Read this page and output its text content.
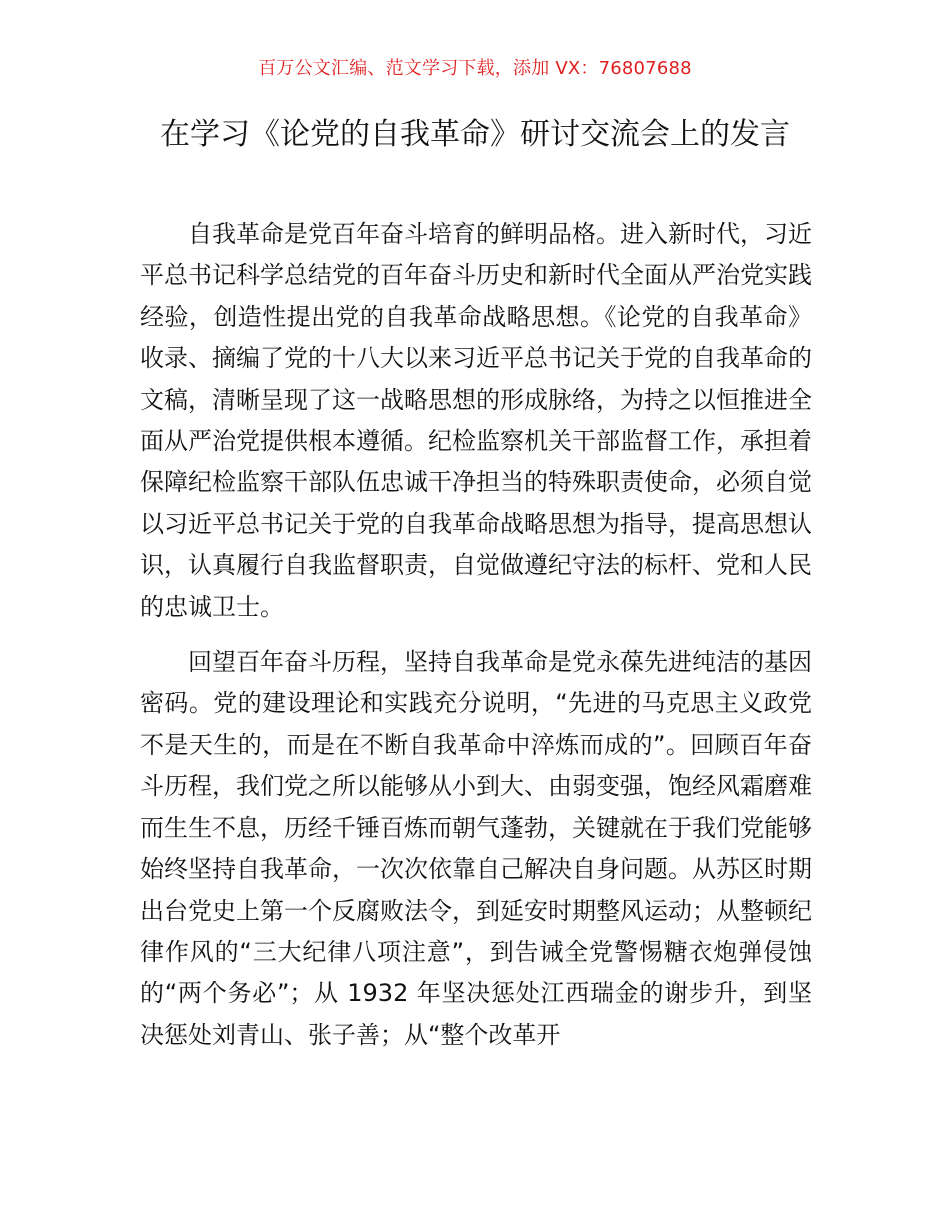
百万公文汇编、范文学习下载，添加 VX：76807688
在学习《论党的自我革命》研讨交流会上的发言

自我革命是党百年奋斗培育的鲜明品格。进入新时代，习近平总书记科学总结党的百年奋斗历史和新时代全面从严治党实践经验，创造性提出党的自我革命战略思想。《论党的自我革命》收录、摘编了党的十八大以来习近平总书记关于党的自我革命的文稿，清晰呈现了这一战略思想的形成脉络，为持之以恒推进全面从严治党提供根本遵循。纪检监察机关干部监督工作，承担着保障纪检监察干部队伍忠诚干净担当的特殊职责使命，必须自觉以习近平总书记关于党的自我革命战略思想为指导，提高思想认识，认真履行自我监督职责，自觉做遵纪守法的标杆、党和人民的忠诚卫士。

回望百年奋斗历程，坚持自我革命是党永葆先进纯洁的基因密码。党的建设理论和实践充分说明，“先进的马克思主义政党不是天生的，而是在不断自我革命中淬炼而成的”。回顾百年奋斗历程，我们党之所以能够从小到大、由弱变强，饱经风霜磨难而生生不息，历经千锤百炼而朝气蓬勃，关键就在于我们党能够始终坚持自我革命，一次次依靠自己解决自身问题。从苏区时期出台党史上第一个反腐败法令，到延安时期整风运动；从整顿纪律作风的“三大纪律八项注意”，到告诫全党警惕糖衣炮弹侵蚀的“两个务必”；从 1932 年坚决惩处江西瑞金的谢步升，到坚决惩处刘青山、张子善；从“整个改革开
